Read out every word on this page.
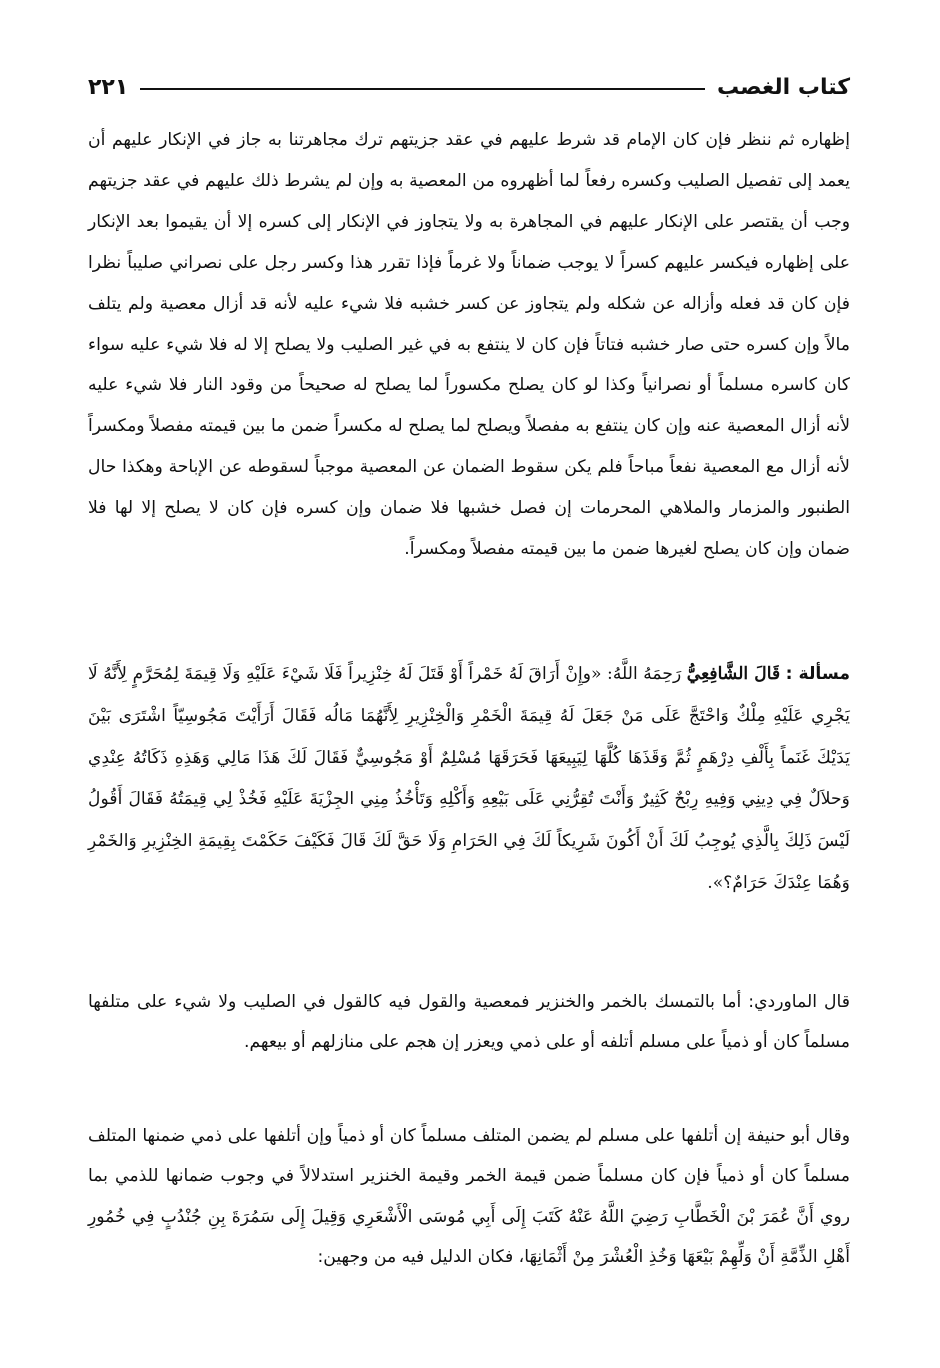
كتاب الغصب
٢٢١

إظهاره ثم ننظر فإن كان الإمام قد شرط عليهم في عقد جزيتهم ترك مجاهرتنا به جاز في الإنكار عليهم أن يعمد إلى تفصيل الصليب وكسره رفعاً لما أظهروه من المعصية به وإن لم يشرط ذلك عليهم في عقد جزيتهم وجب أن يقتصر على الإنكار عليهم في المجاهرة به ولا يتجاوز في الإنكار إلى كسره إلا أن يقيموا بعد الإنكار على إظهاره فيكسر عليهم كسراً لا يوجب ضماناً ولا غرماً فإذا تقرر هذا وكسر رجل على نصراني صليباً نظرا فإن كان قد فعله وأزاله عن شكله ولم يتجاوز عن كسر خشبه فلا شيء عليه لأنه قد أزال معصية ولم يتلف مالاً وإن كسره حتى صار خشبه فتاتاً فإن كان لا ينتفع به في غير الصليب ولا يصلح إلا له فلا شيء عليه سواء كان كاسره مسلماً أو نصرانياً وكذا لو كان يصلح مكسوراً لما يصلح له صحيحاً من وقود النار فلا شيء عليه لأنه أزال المعصية عنه وإن كان ينتفع به مفصلاً ويصلح لما يصلح له مكسراً ضمن ما بين قيمته مفصلاً ومكسراً لأنه أزال مع المعصية نفعاً مباحاً فلم يكن سقوط الضمان عن المعصية موجباً لسقوطه عن الإباحة وهكذا حال الطنبور والمزمار والملاهي المحرمات إن فصل خشبها فلا ضمان وإن كسره فإن كان لا يصلح إلا لها فلا ضمان وإن كان يصلح لغيرها ضمن ما بين قيمته مفصلاً ومكسراً.

مسألة : قَالَ الشَّافِعِيُّ رَحِمَهُ اللَّهُ: «وإِنْ أَرَاقَ لَهُ خَمْراً أَوْ قَتَلَ لَهُ خِنْزِيراً فَلَا شَيْءَ عَلَيْهِ وَلَا قِيمَةَ لِمُحَرَّمٍ لِأَنَّهُ لَا يَجْرِي عَلَيْهِ مِلْكٌ وَاحْتَجَّ عَلَى مَنْ جَعَلَ لَهُ قِيمَةَ الْخَمْرِ وَالْخِنْزِيرِ لِأَنَّهُمَا مَالُه فَقَالَ أَرَأَيْتَ مَجُوسِيّاً اشْتَرَى بَيْنَ يَدَيْكَ غَنَماً بِأَلْفِ دِرْهَمٍ ثُمَّ وَقَذَهَا كُلَّهَا لِيَبِيعَهَا فَحَرَقَهَا مُسْلِمٌ أَوْ مَجُوسِيٌّ فَقَالَ لَكَ هَذَا مَالِي وَهَذِهِ ذَكَاتُهُ عِنْدِي وَحلاَلٌ فِي دِينِي وَفِيهِ رِبْحٌ كَثِيرٌ وَأَنْتَ تُقِرُّنِي عَلَى بَيْعِهِ وَأَكْلِهِ وَتَأْخُذُ مِنِي الجِزْيَةَ عَلَيْهِ فَخُذْ لِي قِيمَتُهُ فَقَالَ أَقُولُ لَيْسَ ذَلِكَ بِالَّذِي يُوجِبُ لَكَ أَنْ أَكُونَ شَرِيكاً لَكَ فِي الحَرَامِ وَلَا حَقَّ لَكَ قَالَ فَكَيْفَ حَكَمْتَ بِقِيمَةِ الخِنْزِيرِ وَالخَمْرِ وَهُمَا عِنْدَكَ حَرَامٌ؟».

قال الماوردي: أما بالتمسك بالخمر والخنزير فمعصية والقول فيه كالقول في الصليب ولا شيء على متلفها مسلماً كان أو ذمياً على مسلم أتلفه أو على ذمي ويعزر إن هجم على منازلهم أو بيعهم.

وقال أبو حنيفة إن أتلفها على مسلم لم يضمن المتلف مسلماً كان أو ذمياً وإن أتلفها على ذمي ضمنها المتلف مسلماً كان أو ذمياً فإن كان مسلماً ضمن قيمة الخمر وقيمة الخنزير استدلالاً في وجوب ضمانها للذمي بما روي أَنَّ عُمَرَ بْنَ الْخَطَّابِ رَضِيَ اللَّهُ عَنْهُ كَتَبَ إِلَى أَبِي مُوسَى الْأَشْعَرِي وَقِيلَ إِلَى سَمُرَةَ بِنِ جُنْدُبٍ فِي خُمُورِ أَهْلِ الذِّمَّةِ أَنْ وَلِّهِمْ بَيْعَهَا وَخُذِ الْعُشْرَ مِنْ أَثْمَانِهَا، فكان الدليل فيه من وجهين:
